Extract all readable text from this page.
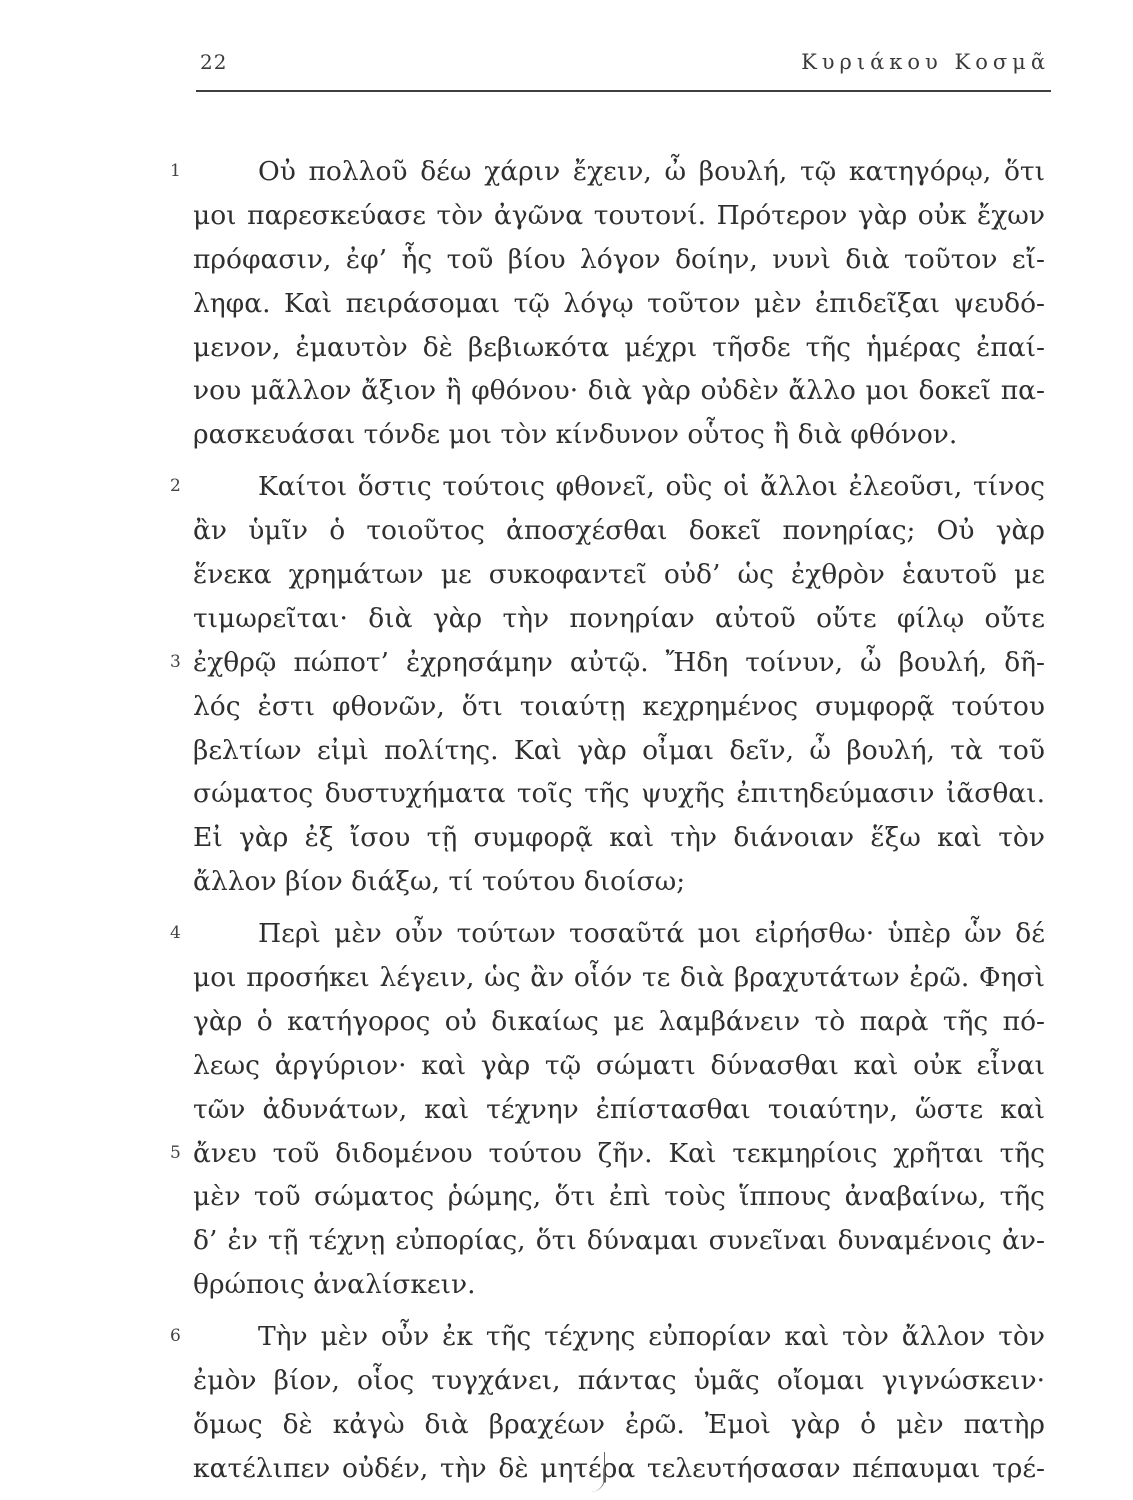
22	Κυριάκου Κοσμᾶ
1	Οὐ πολλοῦ δέω χάριν ἔχειν, ὦ βουλή, τῷ κατηγόρῳ, ὅτι
μοι παρεσκεύασε τὸν ἀγῶνα τουτονί. Πρότερον γὰρ οὐκ ἔχων
πρόφασιν, ἐφ’ ἧς τοῦ βίου λόγον δοίην, νυνὶ διὰ τοῦτον εἴ-
ληφα. Καὶ πειράσομαι τῷ λόγῳ τοῦτον μὲν ἐπιδεῖξαι ψευδό-
μενον, ἐμαυτὸν δὲ βεβιωκότα μέχρι τῆσδε τῆς ἡμέρας ἐπαί-
νου μᾶλλον ἄξιον ἢ φθόνου· διὰ γὰρ οὐδὲν ἄλλο μοι δοκεῖ πα-
ρασκευάσαι τόνδε μοι τὸν κίνδυνον οὗτος ἢ διὰ φθόνον.
2	Καίτοι ὅστις τούτοις φθονεῖ, οὓς οἱ ἄλλοι ἐλεοῦσι, τίνος
ἂν ὑμῖν ὁ τοιοῦτος ἀποσχέσθαι δοκεῖ πονηρίας; Οὐ γὰρ
ἕνεκα χρημάτων με συκοφαντεῖ οὐδ’ ὡς ἐχθρὸν ἑαυτοῦ με
τιμωρεῖται· διὰ γὰρ τὴν πονηρίαν αὐτοῦ οὔτε φίλῳ οὔτε
3 ἐχθρῷ πώποτ’ ἐχρησάμην αὐτῷ. Ἤδη τοίνυν, ὦ βουλή, δῆ-
λός ἐστι φθονῶν, ὅτι τοιαύτῃ κεχρημένος συμφορᾷ τούτου
βελτίων εἰμὶ πολίτης. Καὶ γὰρ οἶμαι δεῖν, ὦ βουλή, τὰ τοῦ
σώματος δυστυχήματα τοῖς τῆς ψυχῆς ἐπιτηδεύμασιν ἰᾶσθαι.
Εἰ γὰρ ἐξ ἴσου τῇ συμφορᾷ καὶ τὴν διάνοιαν ἕξω καὶ τὸν
ἄλλον βίον διάξω, τί τούτου διοίσω;
4	Περὶ μὲν οὖν τούτων τοσαῦτά μοι εἰρήσθω· ὑπὲρ ὧν δέ
μοι προσήκει λέγειν, ὡς ἂν οἷόν τε διὰ βραχυτάτων ἐρῶ. Φησὶ
γὰρ ὁ κατήγορος οὐ δικαίως με λαμβάνειν τὸ παρὰ τῆς πό-
λεως ἀργύριον· καὶ γὰρ τῷ σώματι δύνασθαι καὶ οὐκ εἶναι
τῶν ἀδυνάτων, καὶ τέχνην ἐπίστασθαι τοιαύτην, ὥστε καὶ
5 ἄνευ τοῦ διδομένου τούτου ζῆν. Καὶ τεκμηρίοις χρῆται τῆς
μὲν τοῦ σώματος ῥώμης, ὅτι ἐπὶ τοὺς ἵππους ἀναβαίνω, τῆς
δ’ ἐν τῇ τέχνῃ εὐπορίας, ὅτι δύναμαι συνεῖναι δυναμένοις ἀν-
θρώποις ἀναλίσκειν.
6	Τὴν μὲν οὖν ἐκ τῆς τέχνης εὐπορίαν καὶ τὸν ἄλλον τὸν
ἐμὸν βίον, οἷος τυγχάνει, πάντας ὑμᾶς οἴομαι γιγνώσκειν·
ὅμως δὲ κἀγὼ διὰ βραχέων ἐρῶ. Ἐμοὶ γὰρ ὁ μὲν πατὴρ
κατέλιπεν οὐδέν, τὴν δὲ μητέρα τελευτήσασαν πέπαυμαι τρέ-
